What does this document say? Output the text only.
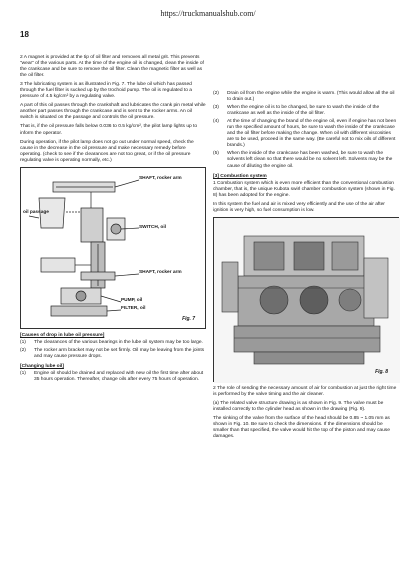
https://truckmanualshub.com/
18

2 A magnet is provided at the tip of oil filter and removes all metal grit. This prevents “wear” of the various parts. At the time of the engine oil is changed, clean the inside of the crankcase and be sure to remove the oil filter. Clean the magnetic filter as well as the oil filter.

3 The lubricating system is as illustrated in Fig. 7. The lube oil which has passed through the fuel filter is sucked up by the trochoid pump. The oil is regulated to a pressure of 4.5 kg/cm² by a regulating valve.

A part of this oil passes through the crankshaft and lubricates the crank pin metal while another part passes through the crankcase and is sent to the rocker arms. An oil switch is situated on the passage and controls the oil pressure.

That is, if the oil pressure falls below 0.036 to 0.5 kg/cm², the pilot lamp lights up to inform the operator.

During operation, if the pilot lamp does not go out under normal speed, check the cause in the decrease in the oil pressure and make necessary remedy before operating. (check to see if the clearances are not too great, or if the oil pressure regulating valve is operating normally, etc.)

SHAFT, rocker arm
oil passage
SWITCH, oil
SHAFT, rocker arm
PUMP, oil
FILTER, oil
Fig. 7
[Causes of drop in lube oil pressure]
(1)	The clearances of the various bearings in the lube oil system may be too large.
(2)	The rocker arm bracket may not be set firmly. Oil may be leaving from the joints and may cause pressure drops.
[Changing lube oil]
(1)	Engine oil should be drained and replaced with new oil the first time after about 35 hours operation. Thereafter, change oils after every 75 hours of operation.
(2)	Drain oil from the engine while the engine is warm. (This would allow all the oil to drain out.)
(3)	When the engine oil is to be changed, be sure to wash the inside of the crankcase as well as the inside of the oil filter.
(4)	At the time of changing the brand of the engine oil, even if engine has not been run the specified amount of hours, be sure to wash the inside of the crankcase and the oil filter before making the change. When oil with different viscosities are to be used, proceed in the same way. (Be careful not to mix oils of different brands.)
(5)	When the inside of the crankcase has been washed, be sure to wash the solvents left clean so that there would be no solvent left. Solvents may be the cause of diluting the engine oil.
[3] Combustion system

1 Combustion system which is even more efficient than the conventional combustion chamber, that is, the unique Kubota swirl chamber combustion system (shown in Fig. 8) has been adopted for the engine.

In this system the fuel and air is mixed very efficiently and the use of the air after ignition is very high, so fuel consumption is low.

Fig. 8

2 The role of sending the necessary amount of air for combustion at just the right time is performed by the valve timing and the air cleaner.

(a) The related valve structure drawing is as shown in Fig. 9. The valve must be installed correctly to the cylinder head as shown in the drawing (Fig. 9).

The sinking of the valve from the surface of the head should be 0.85 ~ 1.05 mm as shown in Fig. 10. Be sure to check the dimensions. If the dimensions should be smaller than that specified, the valve would hit the top of the piston and may cause damages.
